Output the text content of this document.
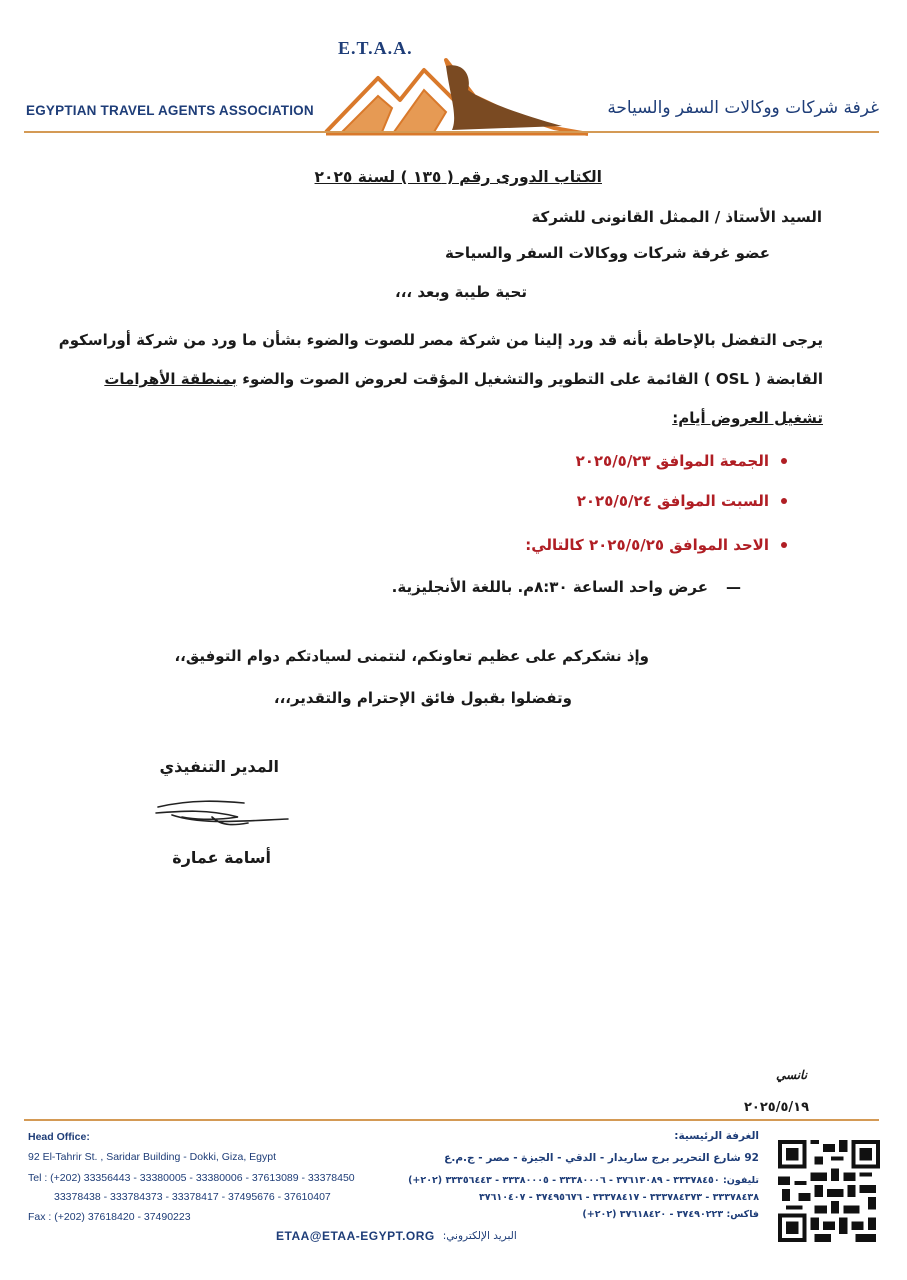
E.T.A.A.
EGYPTIAN TRAVEL AGENTS ASSOCIATION	غرفة شركات ووكالات السفر والسياحة
الكتاب الدورى رقم ( ١٣٥ ) لسنة ٢٠٢٥
السيد الأستاذ / الممثل القانونى للشركة
عضو غرفة شركات ووكالات السفر والسياحة
تحية طيبة وبعد ،،،
يرجى التفضل بالإحاطة بأنه قد ورد إلينا من شركة مصر للصوت والضوء بشأن ما ورد من شركة أوراسكوم
القابضة ( OSL ) القائمة على التطوير والتشغيل المؤقت لعروض الصوت والضوء بمنطقة الأهرامات
تشغيل العروض أيام:
الجمعة الموافق ٢٠٢٥/٥/٢٣
السبت الموافق ٢٠٢٥/٥/٢٤
الاحد الموافق ٢٠٢٥/٥/٢٥ كالتالي:
—
عرض واحد الساعة ٨:٣٠م. باللغة الأنجليزية.
وإذ نشكركم على عظيم تعاونكم، لنتمنى لسيادتكم دوام التوفيق،،
وتفضلوا بقبول فائق الإحترام والتقدير،،،
المدير التنفيذي
أسامة عمارة
نانسي
٢٠٢٥/٥/١٩
Head Office:
92 El-Tahrir St. , Saridar Building - Dokki, Giza, Egypt
Tel : (+202) 33356443 - 33380005 - 33380006 - 37613089 - 33378450
33378438 - 333784373 - 33378417 - 37495676 - 37610407
Fax : (+202) 37618420 - 37490223
الغرفة الرئيسية:
92 شارع التحرير برج ساريدار - الدقي - الجيزة - مصر - ج.م.ع
تليفون: ٣٣٣٧٨٤٥٠ - ٣٧٦١٣٠٨٩ - ٣٣٣٨٠٠٠٦ - ٣٣٣٨٠٠٠٥ - ٣٣٣٥٦٤٤٣ (٢٠٢+)
٣٣٣٧٨٤٣٨ - ٣٣٣٧٨٤٣٧٣ - ٣٣٣٧٨٤١٧ - ٣٧٤٩٥٦٧٦ - ٣٧٦١٠٤٠٧
فاكس: ٣٧٤٩٠٢٢٣ - ٣٧٦١٨٤٢٠ (٢٠٢+)
ETAA@ETAA-EGYPT.ORG البريد الإلكتروني:
